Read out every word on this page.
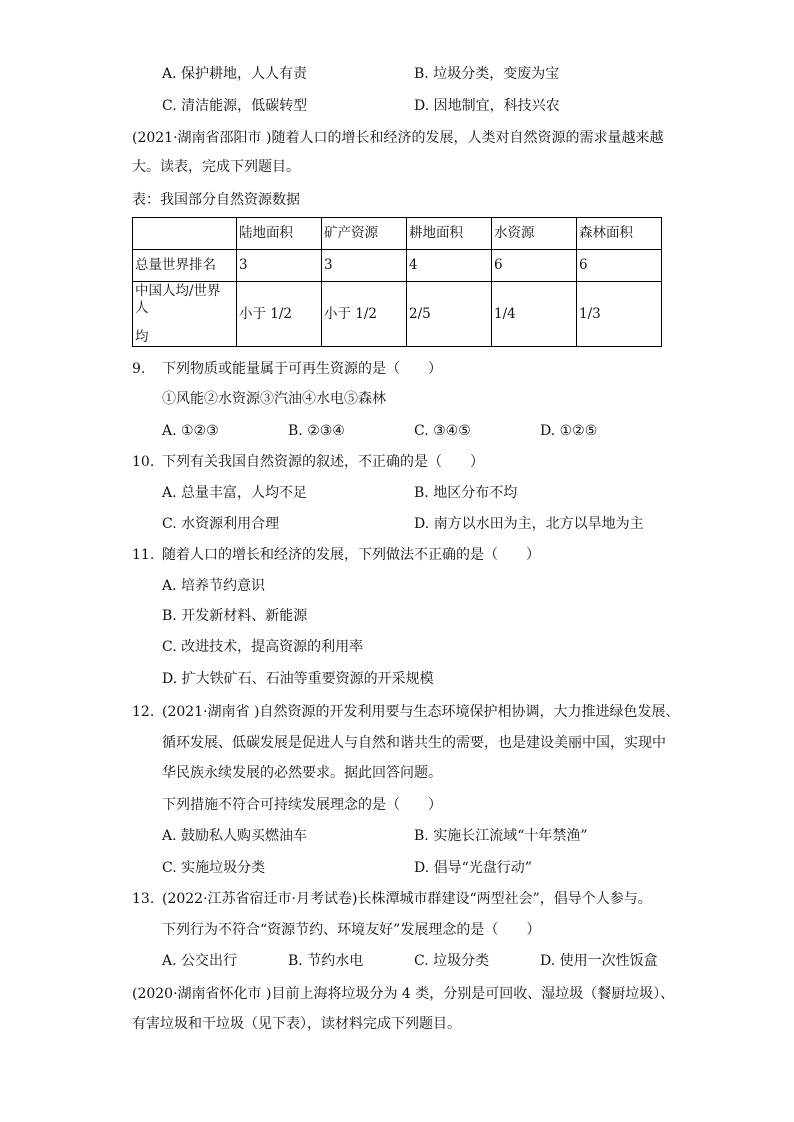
A. 保护耕地，人人有责	B. 垃圾分类，变废为宝
C. 清洁能源，低碳转型	D. 因地制宜，科技兴农
(2021·湖南省邵阳市 )随着人口的增长和经济的发展，人类对自然资源的需求量越来越
大。读表，完成下列题目。
表：我国部分自然资源数据
	陆地面积	矿产资源	耕地面积	水资源	森林面积
总量世界排名	3	3	4	6	6

中国人均/世界人
均	小于 1/2	小于 1/2	2/5	1/4	1/3
9. 下列物质或能量属于可再生资源的是（　　）
①风能②水资源③汽油④水电⑤森林
A. ①②③	B. ②③④	C. ③④⑤	D. ①②⑤
10. 下列有关我国自然资源的叙述，不正确的是（　　）
A. 总量丰富，人均不足	B. 地区分布不均
C. 水资源利用合理	D. 南方以水田为主，北方以旱地为主
11. 随着人口的增长和经济的发展，下列做法不正确的是（　　）
A. 培养节约意识
B. 开发新材料、新能源
C. 改进技术，提高资源的利用率
D. 扩大铁矿石、石油等重要资源的开采规模
12. (2021·湖南省 )自然资源的开发利用要与生态环境保护相协调，大力推进绿色发展、
循环发展、低碳发展是促进人与自然和谐共生的需要，也是建设美丽中国，实现中
华民族永续发展的必然要求。据此回答问题。
下列措施不符合可持续发展理念的是（　　）
A. 鼓励私人购买燃油车	B. 实施长江流域“十年禁渔”
C. 实施垃圾分类	D. 倡导“光盘行动”
13. (2022·江苏省宿迁市·月考试卷)长株潭城市群建设“两型社会”，倡导个人参与。
下列行为不符合“资源节约、环境友好”发展理念的是（　　）
A. 公交出行	B. 节约水电	C. 垃圾分类	D. 使用一次性饭盒
(2020·湖南省怀化市 )目前上海将垃圾分为 4 类，分别是可回收、湿垃圾（餐厨垃圾）、
有害垃圾和干垃圾（见下表），读材料完成下列题目。
